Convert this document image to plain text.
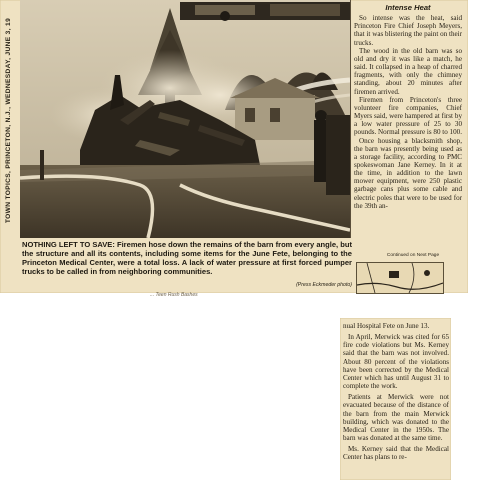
TOWN TOPICS, PRINCETON, N.J., WEDNESDAY, JUNE 3, 19
NOTHING LEFT TO SAVE: Firemen hose down the remains of the barn from every angle, but the structure and all its contents, including some items for the June Fete, belonging to the Princeton Medical Center, were a total loss. A lack of water pressure at first forced pumper trucks to be called in from neighboring communities.
(Press Eckmeder photo)
... Teen Rush Bashes

Intense Heat

So intense was the heat, said Princeton Fire Chief Joseph Meyers, that it was blistering the paint on their trucks.

The wood in the old barn was so old and dry it was like a match, he said. It collapsed in a heap of charred fragments, with only the chimney standing, about 20 minutes after firemen arrived.

Firemen from Princeton's three volunteer fire companies, Chief Myers said, were hampered at first by a low water pressure of 25 to 30 pounds. Normal pressure is 80 to 100.

Once housing a blacksmith shop, the barn was presently being used as a storage facility, according to PMC spokeswoman Jane Kerney. In it at the time, in addition to the lawn mower equipment, were 250 plastic garbage cans plus some cable and electric poles that were to be used for the 39th an-

Continued on Next Page

nual Hospital Fete on June 13.

In April, Merwick was cited for 65 fire code violations but Ms. Kerney said that the barn was not involved. About 80 percent of the violations have been corrected by the Medical Center which has until August 31 to complete the work.

Patients at Merwick were not evacuated because of the distance of the barn from the main Merwick building, which was donated to the Medical Center in the 1950s. The barn was donated at the same time.

Ms. Kerney said that the Medical Center has plans to re-
